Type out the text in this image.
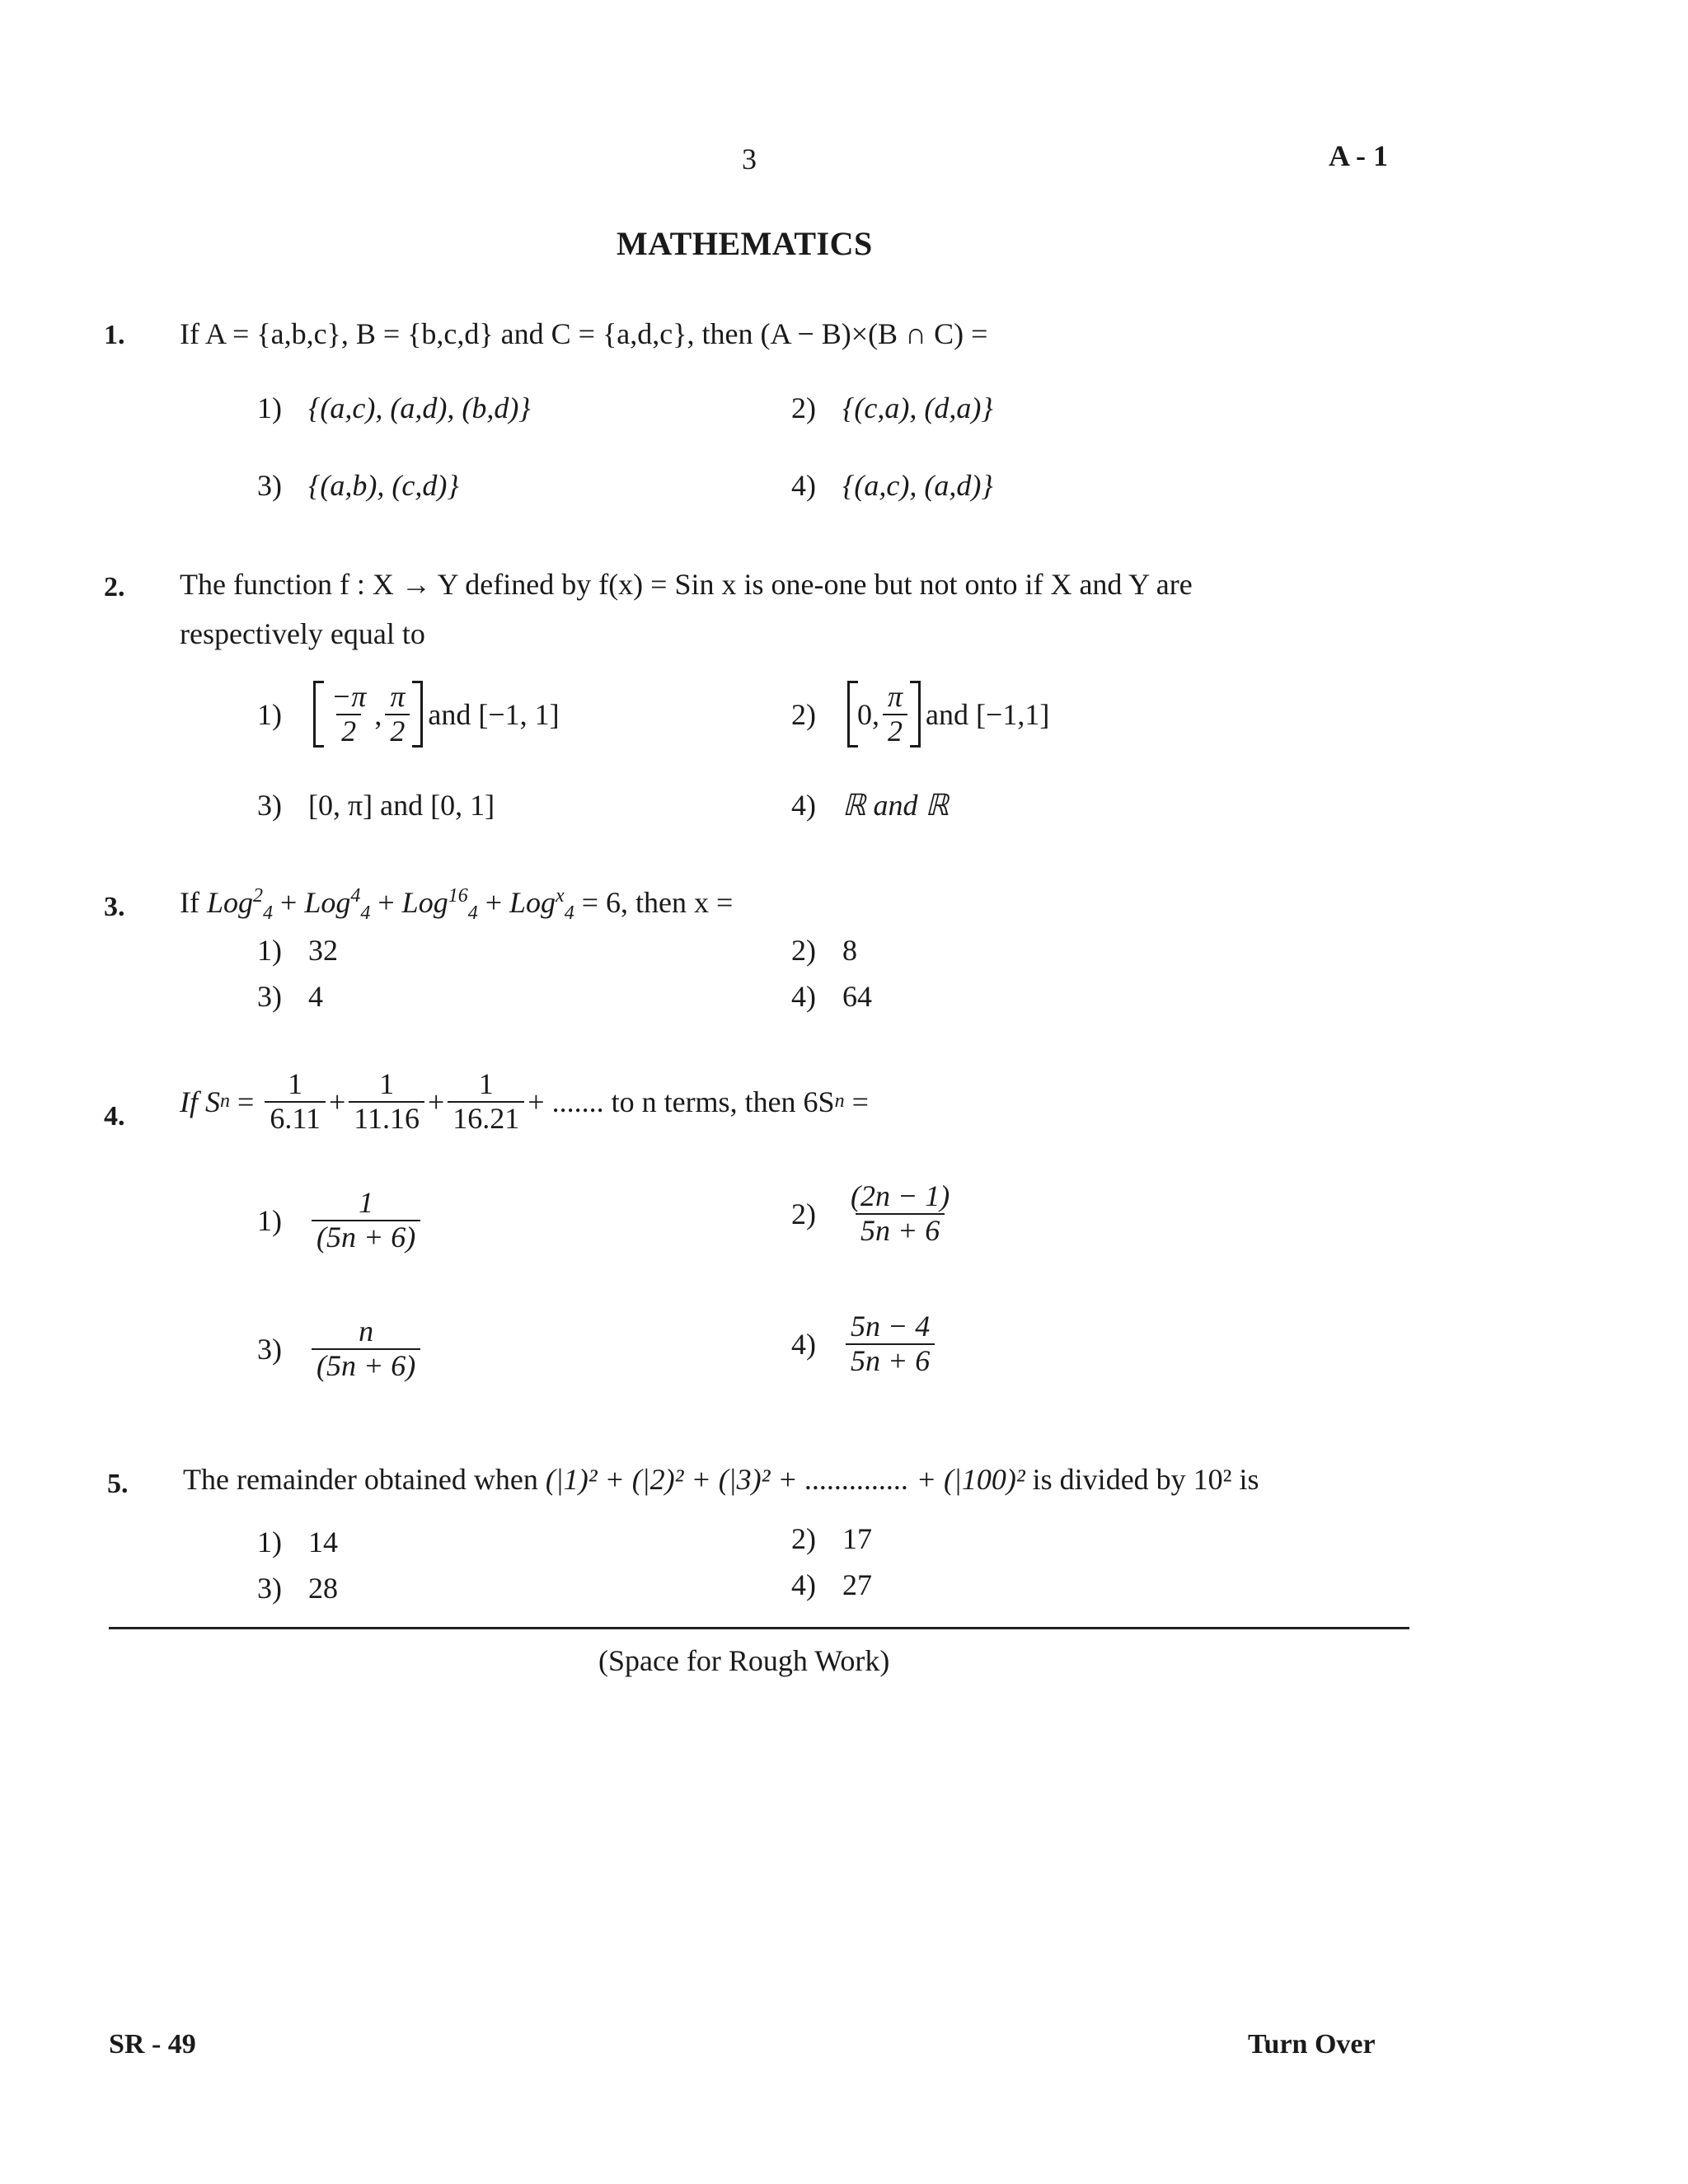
3	A - 1
MATHEMATICS
1. If A = {a,b,c}, B = {b,c,d} and C = {a,d,c}, then (A − B)×(B ∩ C) =
1) {(a,c), (a,d), (b,d)}	2) {(c,a), (d,a)}
3) {(a,b), (c,d)}	4) {(a,c), (a,d)}
2. The function f : X → Y defined by f(x) = Sin x is one-one but not onto if X and Y are
respectively equal to
1)	$\frac{-\pi}{2}$ , $\frac{\pi}{2}$ and [−1, 1]	2)	0, $\frac{\pi}{2}$ and [−1,1]
3) [0, π] and [0, 1]	4) ℝ and ℝ
3. If Log$^2_4$ + Log$^4_4$ + Log$^{16}_4$ + Log$^x_4$ = 6, then x =
1) 32	2) 8
3) 4	4) 64
4. If S $n = \frac{1}{6.11} + \frac{1}{11.16} + \frac{1}{16.21}$ + ....... to n terms, then 6S n
=
1)	$\frac{1}{(5n + 6)}$	2)	$\frac{(2n - 1)}{5n + 6}$
3)	$\frac{n}{(5n + 6)}$	4)	$\frac{5n - 4}{5n + 6}$
5. The remainder obtained when (|1)² + (|2)² + (|3)² + .............. + (|100)² is divided by 10² is
1) 14	2) 17
3) 28	4) 27
(Space for Rough Work)
SR - 49	Turn Over
